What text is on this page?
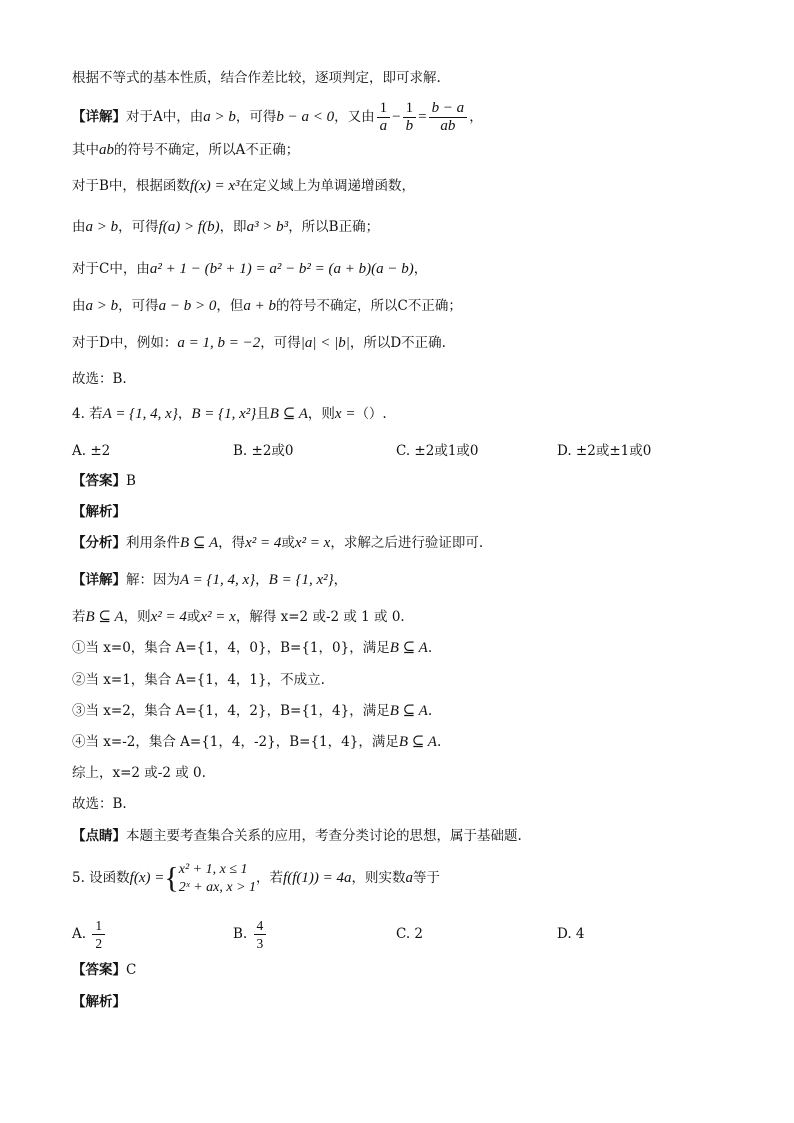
根据不等式的基本性质，结合作差比较，逐项判定，即可求解.
【详解】对于A中，由a > b，可得b − a < 0，又由 $\frac{1}{a} - \frac{1}{b} = \frac{b - a}{ab}$ ，
其中ab的符号不确定，所以A不正确；
对于B中，根据函数f(x) = x³在定义域上为单调递增函数，
由a > b，可得f(a) > f(b)，即a³ > b³，所以B正确；
对于C中，由a² + 1 − (b² + 1) = a² − b² = (a + b)(a − b)，
由a > b，可得a − b > 0，但a + b的符号不确定，所以C不正确；
对于D中，例如：a = 1, b = −2，可得|a| < |b|，所以D不正确.
故选：B.
4. 若A = {1, 4, x}，B = {1, x²}且B ⊆ A，则x =（）.
A. ±2	B. ±2或0	C. ±2或1或0	D. ±2或±1或0
【答案】B
【解析】
【分析】利用条件B ⊆ A，得x² = 4或x² = x，求解之后进行验证即可.
【详解】解：因为A = {1, 4, x}，B = {1, x²}，
若B ⊆ A，则x² = 4或x² = x，解得 x=2 或-2 或 1 或 0.
①当 x=0，集合 A={1，4，0}，B={1，0}，满足B ⊆ A.
②当 x=1，集合 A={1，4，1}，不成立.
③当 x=2，集合 A={1，4，2}，B={1，4}，满足B ⊆ A.
④当 x=-2，集合 A={1，4，-2}，B={1，4}，满足B ⊆ A.
综上，x=2 或-2 或 0.
故选：B.
【点睛】本题主要考查集合关系的应用，考查分类讨论的思想，属于基础题.
5. 设函数f(x) ={ x² + 1, x ≤ 1
2ˣ + ax, x > 1
，若f(f(1)) = 4a，则实数a等于
A. $\frac{1}{2}$	B. $\frac{4}{3}$	C. 2	D. 4
【答案】C
【解析】
